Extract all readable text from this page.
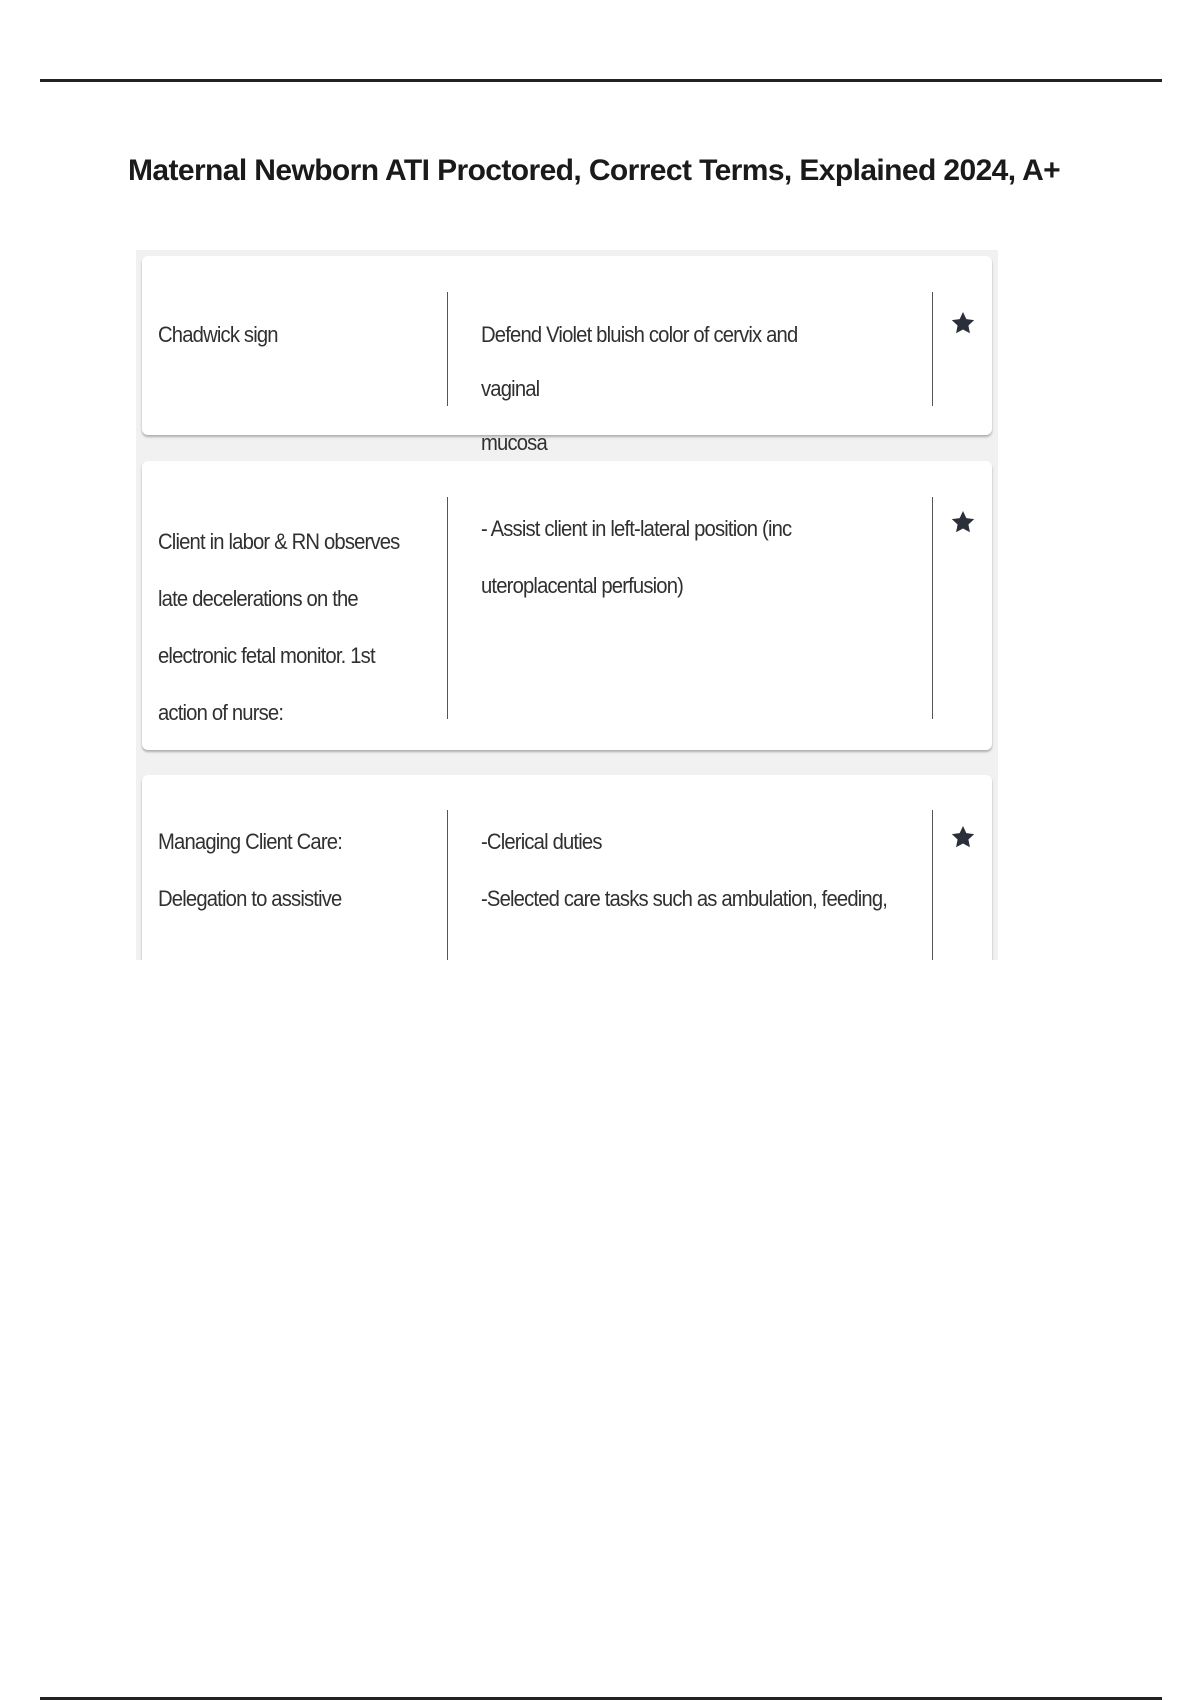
Maternal Newborn ATI Proctored, Correct Terms, Explained 2024, A+
Chadwick sign	Defend Violet bluish color of cervix and vaginal
mucosa
Client in labor & RN observes
late decelerations on the
electronic fetal monitor. 1st
action of nurse:
- Assist client in left-lateral position (inc
uteroplacental perfusion)
Managing Client Care:
Delegation to assistive
-Clerical duties
-Selected care tasks such as ambulation, feeding,
